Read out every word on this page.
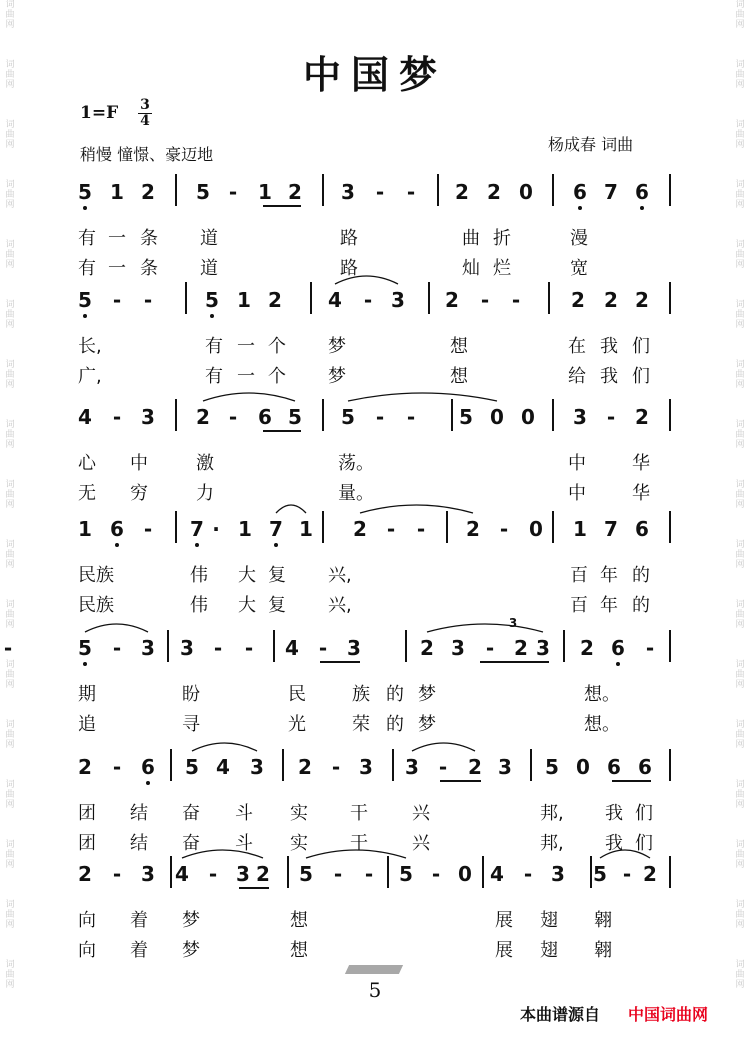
词
曲
网
词
曲
网
词
曲
网
词
曲
网
词
曲
网
词
曲
网
词
曲
网
词
曲
网
词
曲
网
词
曲
网
词
曲
网
词
曲
网
词
曲
网
词
曲
网
词
曲
网
词
曲
网
词
曲
网
词
曲
网
词
曲
网
词
曲
网
词
曲
网
词
曲
网
词
曲
网
词
曲
网
词
曲
网
词
曲
网
词
曲
网
词
曲
网
词
曲
网
词
曲
网
词
曲
网
词
曲
网
词
曲
网
词
曲
网
中国梦
1=F 3
4
稍慢 憧憬、豪迈地
杨成春 词曲
5 1 2 5 - 1 2 3 - - 2 2 0 6 7 6
有 一 条 道	路	曲 折	漫
有 一 条 道	路	灿 烂	宽
5 - -	5 1 2 4 - 3 2 - -	2 2 2
长,	有 一 个 梦	想	在 我 们
广,	有 一 个 梦	想	给 我 们
4 - 3 2 - 6 5 5 - - 5 0 0 3 - 2
心 中	激	荡。	中	华
无 穷	力	量。	中	华
1 6 - 7 · 1 7 1 2 - - 2 - 0 1 7 6
民族	伟 大 复 兴,	百 年 的
民族	伟 大 复 兴,	百 年 的
5 - 3 3 - - 4 - 3	2 3 - 2 3 2 6 -
-
3
期	盼	民	族 的 梦	想。
追	寻	光	荣 的 梦	想。
2 - 6 5 4 3 2 - 3 3 - 2 3 5 0 6 6
团 结 奋 斗 实 干 兴	邦, 我 们
团 结 奋 斗 实 干 兴	邦, 我 们
2 - 3 4 - 3 2 5 - - 5 - 0 4 - 3 5 - 2
向 着 梦	想	展 翅 翱
向 着 梦	想	展 翅 翱
5
本曲谱源自 中国词曲网
